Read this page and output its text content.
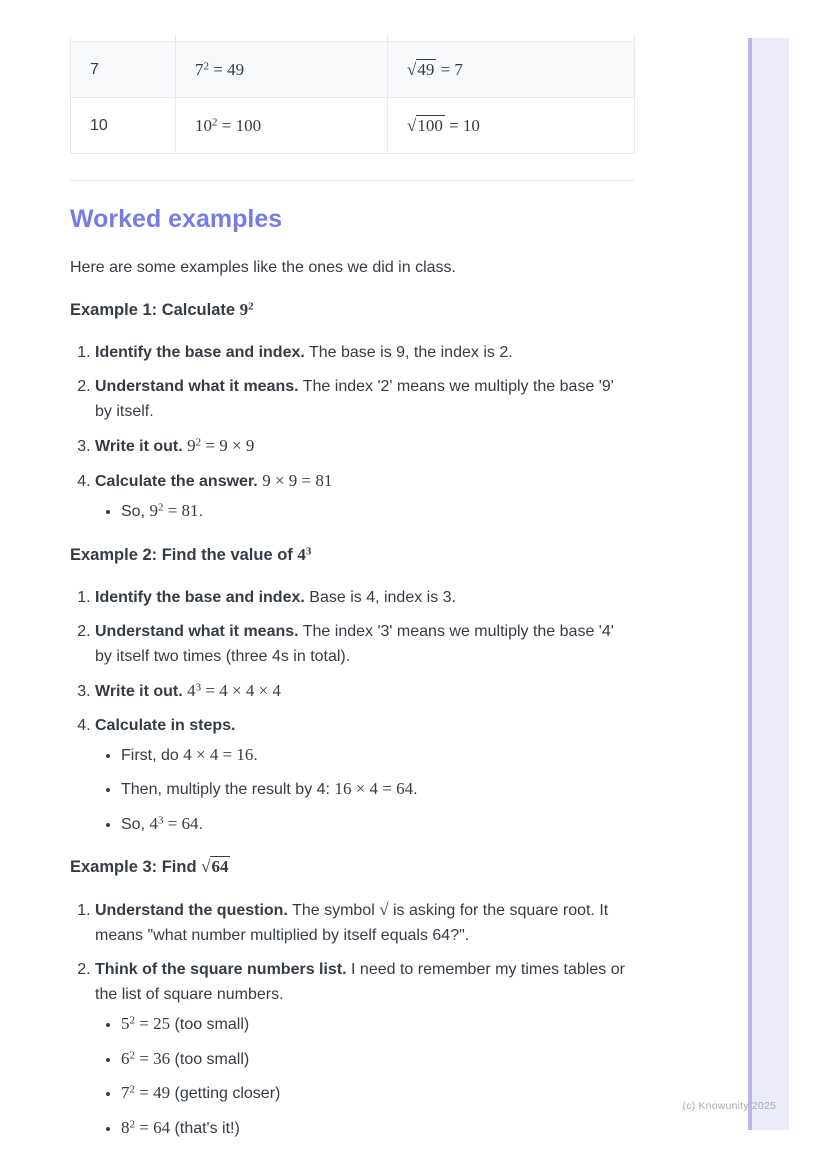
7	$7^2 = 49$	√49 = 7
10	$10^2 = 100$	√100 = 10
Worked examples

Here are some examples like the ones we did in class.

Example 1: Calculate $9^2$
1. Identify the base and index. The base is 9, the index is 2.
2. Understand what it means. The index '2' means we multiply the base '9' by itself.
3. Write it out. $9^2 = 9 \times 9$
4. Calculate the answer. 9 × 9 = 81
• So, $9^2 = 81$.
Example 2: Find the value of $4^3$
1. Identify the base and index. Base is 4, index is 3.
2. Understand what it means. The index '3' means we multiply the base '4' by itself two times (three 4s in total).
3. Write it out. $4^3 = 4 \times 4 \times 4$
4. Calculate in steps.
• First, do 4 × 4 = 16.
• Then, multiply the result by 4: 16 × 4 = 64.
• So, $4^3 = 64$.
Example 3: Find √64
1. Understand the question. The symbol √ is asking for the square root. It means "what number multiplied by itself equals 64?".
2. Think of the square numbers list. I need to remember my times tables or the list of square numbers.
• $5^2 = 25$ (too small)
• $6^2 = 36$ (too small)
• $7^2 = 49$ (getting closer)
• $8^2 = 64$ (that's it!)
(c) Knowunity 2025
